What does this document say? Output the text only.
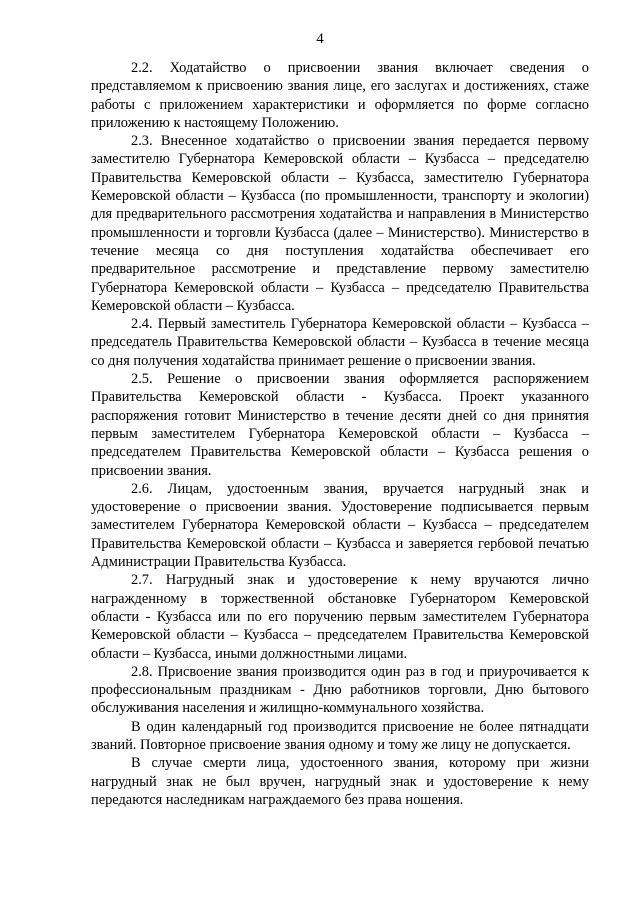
4

2.2. Ходатайство о присвоении звания включает сведения о представляемом к присвоению звания лице, его заслугах и достижениях, стаже работы с приложением характеристики и оформляется по форме согласно приложению к настоящему Положению.

2.3. Внесенное ходатайство о присвоении звания передается первому заместителю Губернатора Кемеровской области – Кузбасса – председателю Правительства Кемеровской области – Кузбасса, заместителю Губернатора Кемеровской области – Кузбасса (по промышленности, транспорту и экологии) для предварительного рассмотрения ходатайства и направления в Министерство промышленности и торговли Кузбасса (далее – Министерство). Министерство в течение месяца со дня поступления ходатайства обеспечивает его предварительное рассмотрение и представление первому заместителю Губернатора Кемеровской области – Кузбасса – председателю Правительства Кемеровской области – Кузбасса.

2.4. Первый заместитель Губернатора Кемеровской области – Кузбасса – председатель Правительства Кемеровской области – Кузбасса в течение месяца со дня получения ходатайства принимает решение о присвоении звания.

2.5. Решение о присвоении звания оформляется распоряжением Правительства Кемеровской области - Кузбасса. Проект указанного распоряжения готовит Министерство в течение десяти дней со дня принятия первым заместителем Губернатора Кемеровской области – Кузбасса – председателем Правительства Кемеровской области – Кузбасса решения о присвоении звания.

2.6. Лицам, удостоенным звания, вручается нагрудный знак и удостоверение о присвоении звания. Удостоверение подписывается первым заместителем Губернатора Кемеровской области – Кузбасса – председателем Правительства Кемеровской области – Кузбасса и заверяется гербовой печатью Администрации Правительства Кузбасса.

2.7. Нагрудный знак и удостоверение к нему вручаются лично награжденному в торжественной обстановке Губернатором Кемеровской области - Кузбасса или по его поручению первым заместителем Губернатора Кемеровской области – Кузбасса – председателем Правительства Кемеровской области – Кузбасса, иными должностными лицами.

2.8. Присвоение звания производится один раз в год и приурочивается к профессиональным праздникам - Дню работников торговли, Дню бытового обслуживания населения и жилищно-коммунального хозяйства.

В один календарный год производится присвоение не более пятнадцати званий. Повторное присвоение звания одному и тому же лицу не допускается.

В случае смерти лица, удостоенного звания, которому при жизни нагрудный знак не был вручен, нагрудный знак и удостоверение к нему передаются наследникам награждаемого без права ношения.
